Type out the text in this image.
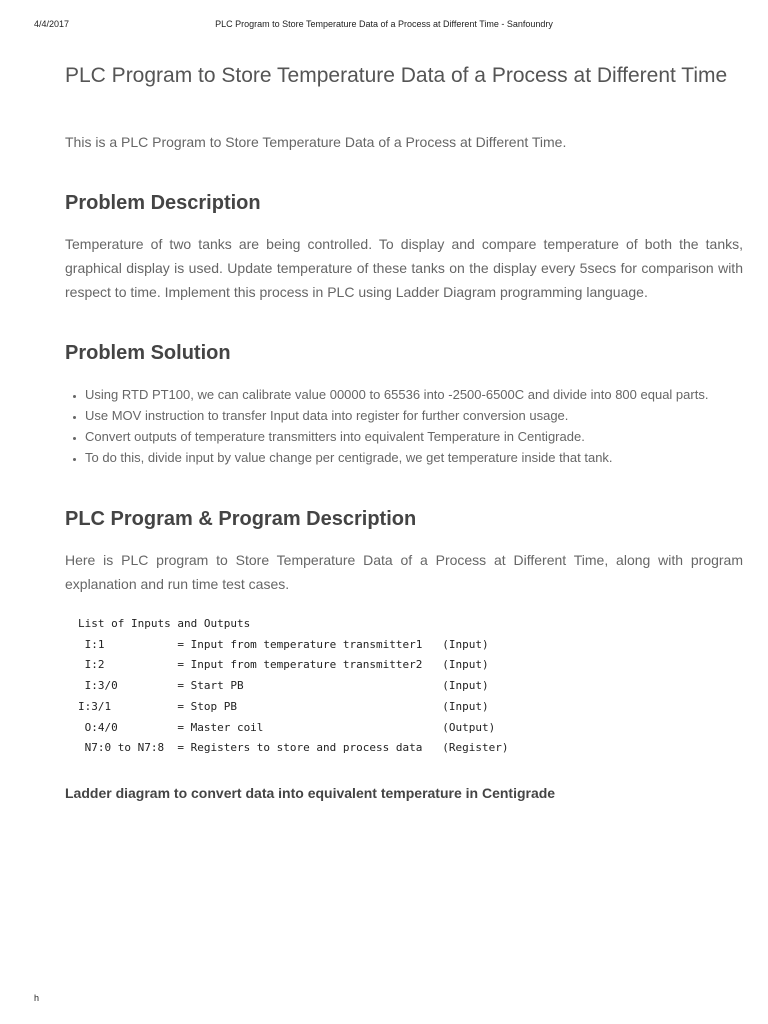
4/4/2017	PLC Program to Store Temperature Data of a Process at Different Time - Sanfoundry
PLC Program to Store Temperature Data of a Process at Different Time

This is a PLC Program to Store Temperature Data of a Process at Different Time.

Problem Description

Temperature of two tanks are being controlled. To display and compare temperature of both the tanks, graphical display is used. Update temperature of these tanks on the display every 5secs for comparison with respect to time. Implement this process in PLC using Ladder Diagram programming language.

Problem Solution
• Using RTD PT100, we can calibrate value 00000 to 65536 into -2500-6500C and divide into 800 equal parts.
• Use MOV instruction to transfer Input data into register for further conversion usage.
• Convert outputs of temperature transmitters into equivalent Temperature in Centigrade.
• To do this, divide input by value change per centigrade, we get temperature inside that tank.
PLC Program & Program Description

Here is PLC program to Store Temperature Data of a Process at Different Time, along with program explanation and run time test cases.

List of Inputs and Outputs
I:1           = Input from temperature transmitter1   (Input)
I:2           = Input from temperature transmitter2   (Input)
I:3/0         = Start PB                              (Input)
I:3/1          = Stop PB                               (Input)
O:4/0         = Master coil                           (Output)
N7:0 to N7:8  = Registers to store and process data   (Register)
Ladder diagram to convert data into equivalent temperature in Centigrade
h
